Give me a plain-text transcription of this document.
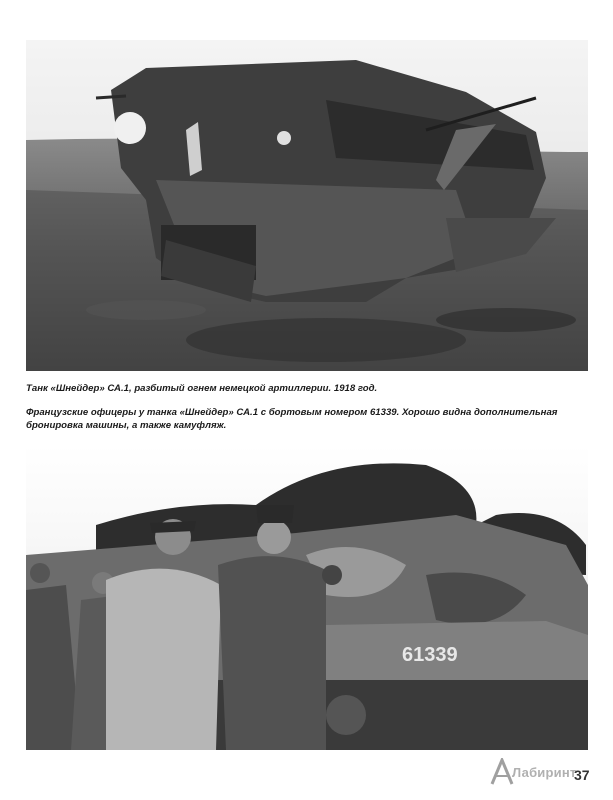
Танк «Шнейдер» СА.1, разбитый огнем немецкой артиллерии. 1918 год.
Французские офицеры у танка «Шнейдер» СА.1 с бортовым номером 61339. Хорошо видна дополнительная бронировка машины, а также камуфляж.
61339
Лабиринт
37
